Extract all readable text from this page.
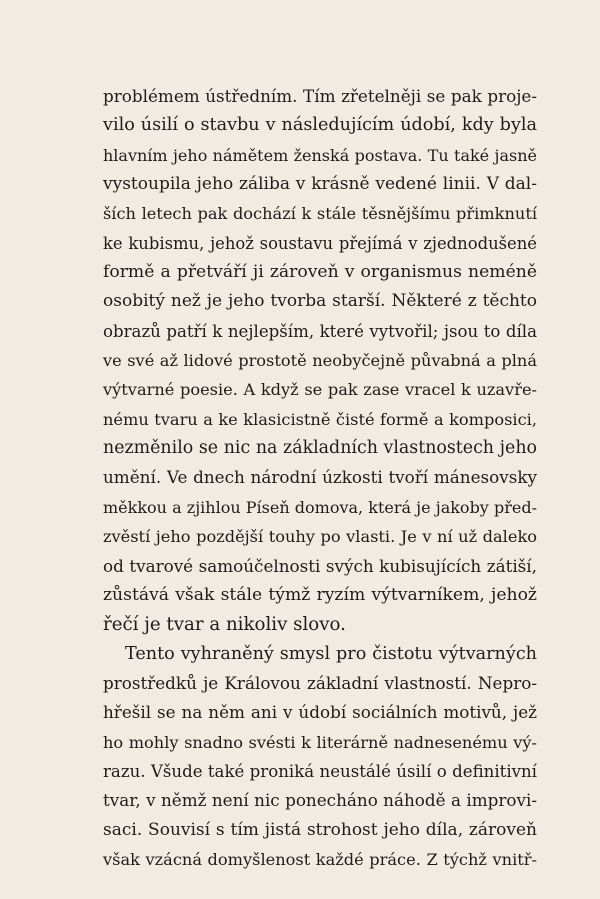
problémem ústředním. Tím zřetelněji se pak proje-
vilo úsilí o stavbu v následujícím údobí, kdy byla
hlavním jeho námětem ženská postava. Tu také jasně
vystoupila jeho záliba v krásně vedené linii. V dal-
ších letech pak dochází k stále těsnějšímu přimknutí
ke kubismu, jehož soustavu přejímá v zjednodušené
formě a přetváří ji zároveň v organismus neméně
osobitý než je jeho tvorba starší. Některé z těchto
obrazů patří k nejlepším, které vytvořil; jsou to díla
ve své až lidové prostotě neobyčejně půvabná a plná
výtvarné poesie. A když se pak zase vracel k uzavře-
nému tvaru a ke klasicistně čisté formě a komposici,
nezměnilo se nic na základních vlastnostech jeho
umění. Ve dnech národní úzkosti tvoří mánesovsky
měkkou a zjihlou Píseň domova, která je jakoby před-
zvěstí jeho pozdější touhy po vlasti. Je v ní už daleko
od tvarové samoúčelnosti svých kubisujících zátiší,
zůstává však stále týmž ryzím výtvarníkem, jehož
řečí je tvar a nikoliv slovo.
Tento vyhraněný smysl pro čistotu výtvarných
prostředků je Královou základní vlastností. Nepro-
hřešil se na něm ani v údobí sociálních motivů, jež
ho mohly snadno svésti k literárně nadnesenému vý-
razu. Všude také proniká neustálé úsilí o definitivní
tvar, v němž není nic ponecháno náhodě a improvi-
saci. Souvisí s tím jistá strohost jeho díla, zároveň
však vzácná domyšlenost každé práce. Z týchž vnitř-
